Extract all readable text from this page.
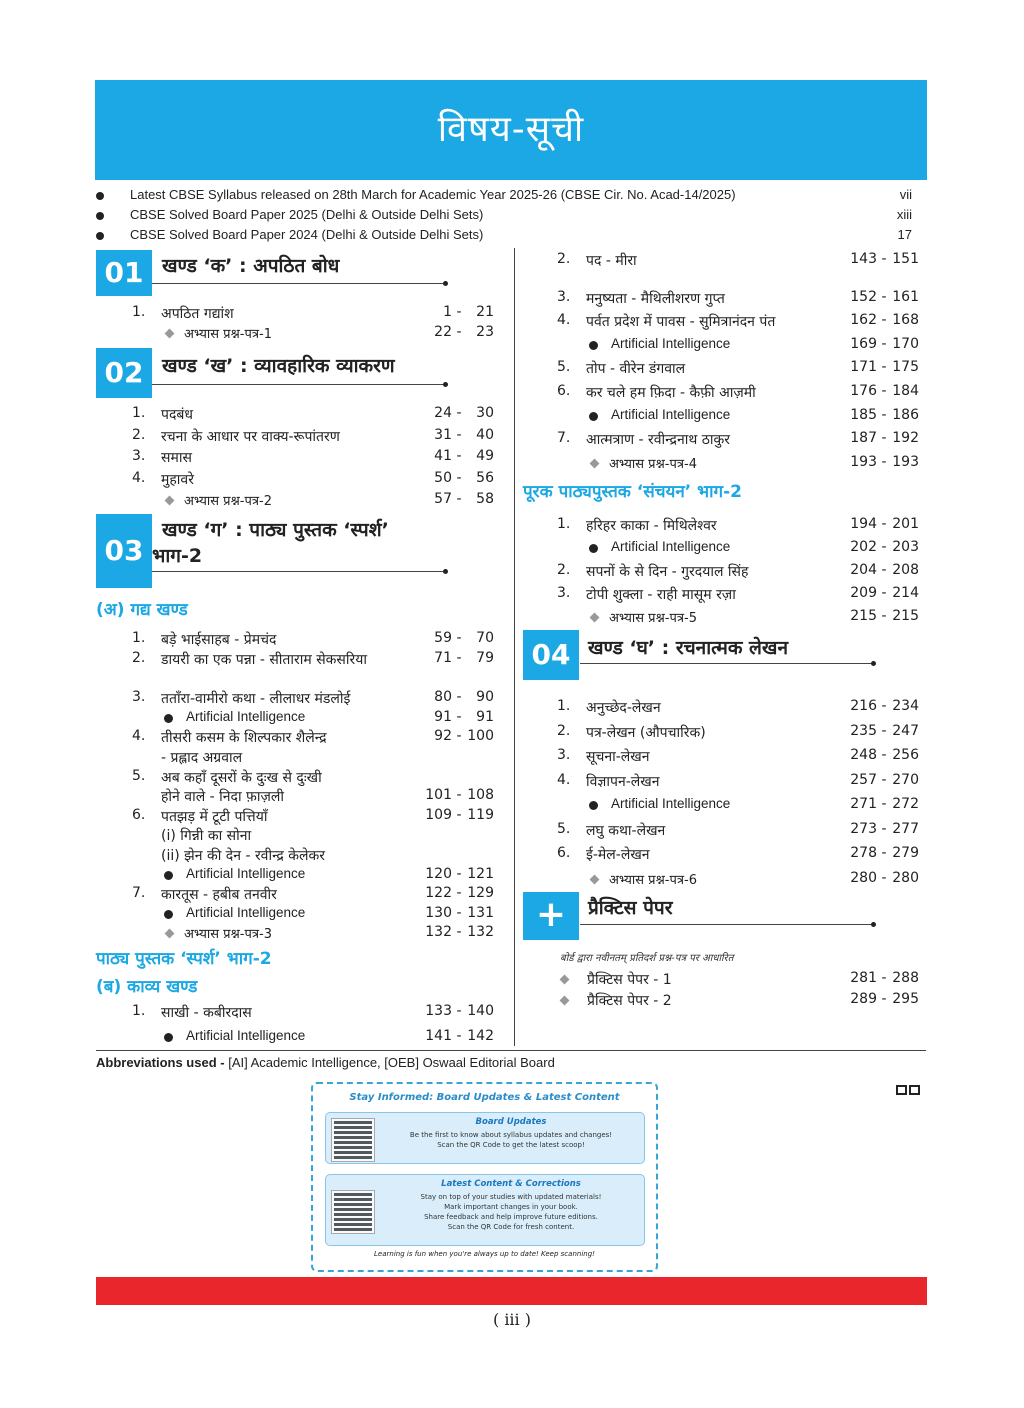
विषय-सूची
Latest CBSE Syllabus released on 28th March for Academic Year 2025-26 (CBSE Cir. No. Acad-14/2025)	vii
CBSE Solved Board Paper 2025 (Delhi & Outside Delhi Sets)	xiii
CBSE Solved Board Paper 2024 (Delhi & Outside Delhi Sets)	17
01 खण्ड ‘क’ : अपठित बोध
1.	अपठित गद्यांश	1 -	21
अभ्यास प्रश्न-पत्र-1	22 -	23
02 खण्ड ‘ख’ : व्यावहारिक व्याकरण
1.	पदबंध	24 -	30
2.	रचना के आधार पर वाक्य-रूपांतरण	31 -	40
3.	समास	41 -	49
4.	मुहावरे	50 -	56
अभ्यास प्रश्न-पत्र-2	57 -	58
03
खण्ड ‘ग’ : पाठ्य पुस्तक ‘स्पर्श’
भाग-2
(अ) गद्य खण्ड
1.	बड़े भाईसाहब - प्रेमचंद	59 -	70
2.	डायरी का एक पन्ना - सीताराम सेकसरिया	71 -	79
3.	तताँरा-वामीरो कथा - लीलाधर मंडलोई	80 -	90
Artificial Intelligence	91 -	91
4.	तीसरी कसम के शिल्पकार शैलेन्द्र	92 - 100
- प्रह्लाद अग्रवाल
5.	अब कहाँ दूसरों के दुःख से दुःखी
होने वाले - निदा फ़ाज़ली	101 - 108
6.	पतझड़ में टूटी पत्तियाँ	109 - 119
(i) गिन्नी का सोना
(ii) झेन की देन - रवीन्द्र केलेकर
Artificial Intelligence	120 - 121
7.	कारतूस - हबीब तनवीर	122 - 129
Artificial Intelligence	130 - 131
अभ्यास प्रश्न-पत्र-3	132 - 132
पाठ्य पुस्तक ‘स्पर्श’ भाग-2
(ब) काव्य खण्ड
1.	साखी - कबीरदास	133 - 140
Artificial Intelligence	141 - 142
2.	पद - मीरा	143 - 151
3.	मनुष्यता - मैथिलीशरण गुप्त	152 - 161
4.	पर्वत प्रदेश में पावस - सुमित्रानंदन पंत	162 - 168
Artificial Intelligence	169 - 170
5.	तोप - वीरेन डंगवाल	171 - 175
6.	कर चले हम फ़िदा - कैफ़ी आज़मी	176 - 184
Artificial Intelligence	185 - 186
7.	आत्मत्राण - रवीन्द्रनाथ ठाकुर	187 - 192
अभ्यास प्रश्न-पत्र-4	193 - 193
पूरक पाठ्यपुस्तक ‘संचयन’ भाग-2
1.	हरिहर काका - मिथिलेश्वर	194 - 201
Artificial Intelligence	202 - 203
2.	सपनों के से दिन - गुरदयाल सिंह	204 - 208
3.	टोपी शुक्ला - राही मासूम रज़ा	209 - 214
अभ्यास प्रश्न-पत्र-5	215 - 215
04 खण्ड ‘घ’ : रचनात्मक लेखन
1.	अनुच्छेद-लेखन	216 - 234
2.	पत्र-लेखन (औपचारिक)	235 - 247
3.	सूचना-लेखन	248 - 256
4.	विज्ञापन-लेखन	257 - 270
Artificial Intelligence	271 - 272
5.	लघु कथा-लेखन	273 - 277
6.	ई-मेल-लेखन	278 - 279
अभ्यास प्रश्न-पत्र-6	280 - 280
+	प्रैक्टिस पेपर
बोर्ड द्वारा नवीनतम् प्रतिदर्श प्रश्न-पत्र पर आधारित
प्रैक्टिस पेपर - 1	281 - 288
प्रैक्टिस पेपर - 2	289 - 295
Abbreviations used - [AI] Academic Intelligence, [OEB] Oswaal Editorial Board
Stay Informed: Board Updates & Latest Content
Board Updates
Be the first to know about syllabus updates and changes!
Scan the QR Code to get the latest scoop!
Latest Content & Corrections
Stay on top of your studies with updated materials!
Mark important changes in your book.
Share feedback and help improve future editions.
Scan the QR Code for fresh content.
Learning is fun when you're always up to date! Keep scanning!
( iii )
